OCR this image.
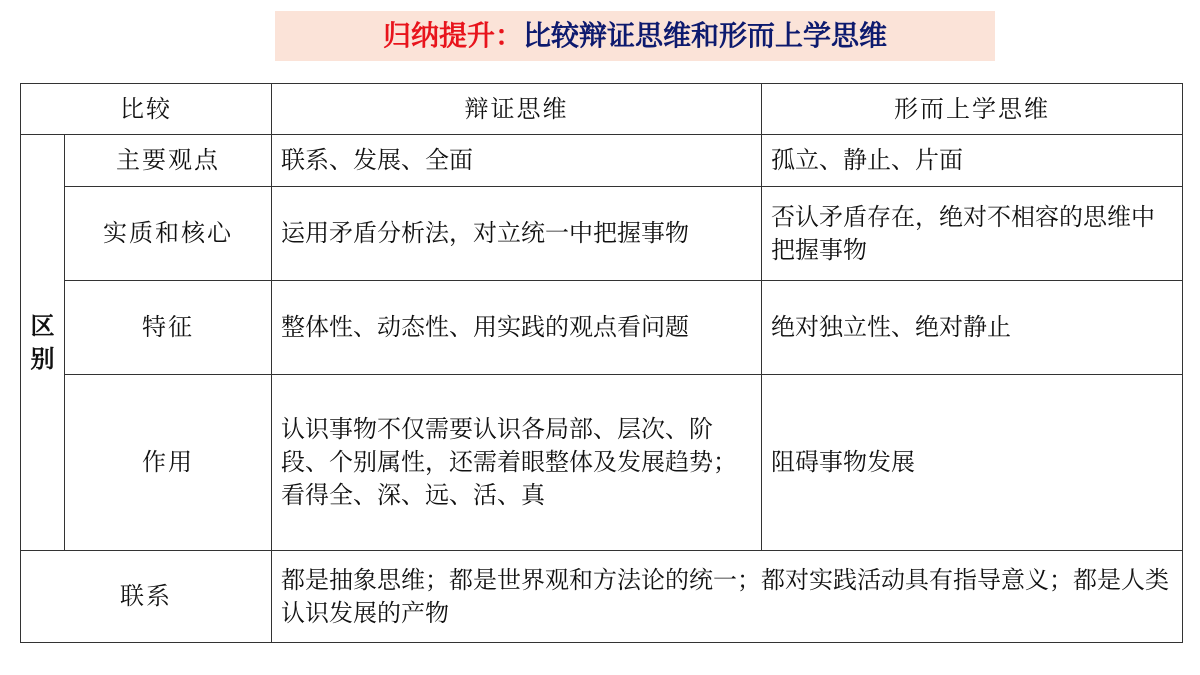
归纳提升：比较辩证思维和形而上学思维
比较		辩证思维	形而上学思维
区别	主要观点	联系、发展、全面	孤立、静止、片面
	实质和核心	运用矛盾分析法，对立统一中把握事物	否认矛盾存在，绝对不相容的思维中把握事物
	特征	整体性、动态性、用实践的观点看问题	绝对独立性、绝对静止
	作用	认识事物不仅需要认识各局部、层次、阶段、个别属性，还需着眼整体及发展趋势；看得全、深、远、活、真	阻碍事物发展
联系		都是抽象思维；都是世界观和方法论的统一；都对实践活动具有指导意义；都是人类认识发展的产物	
